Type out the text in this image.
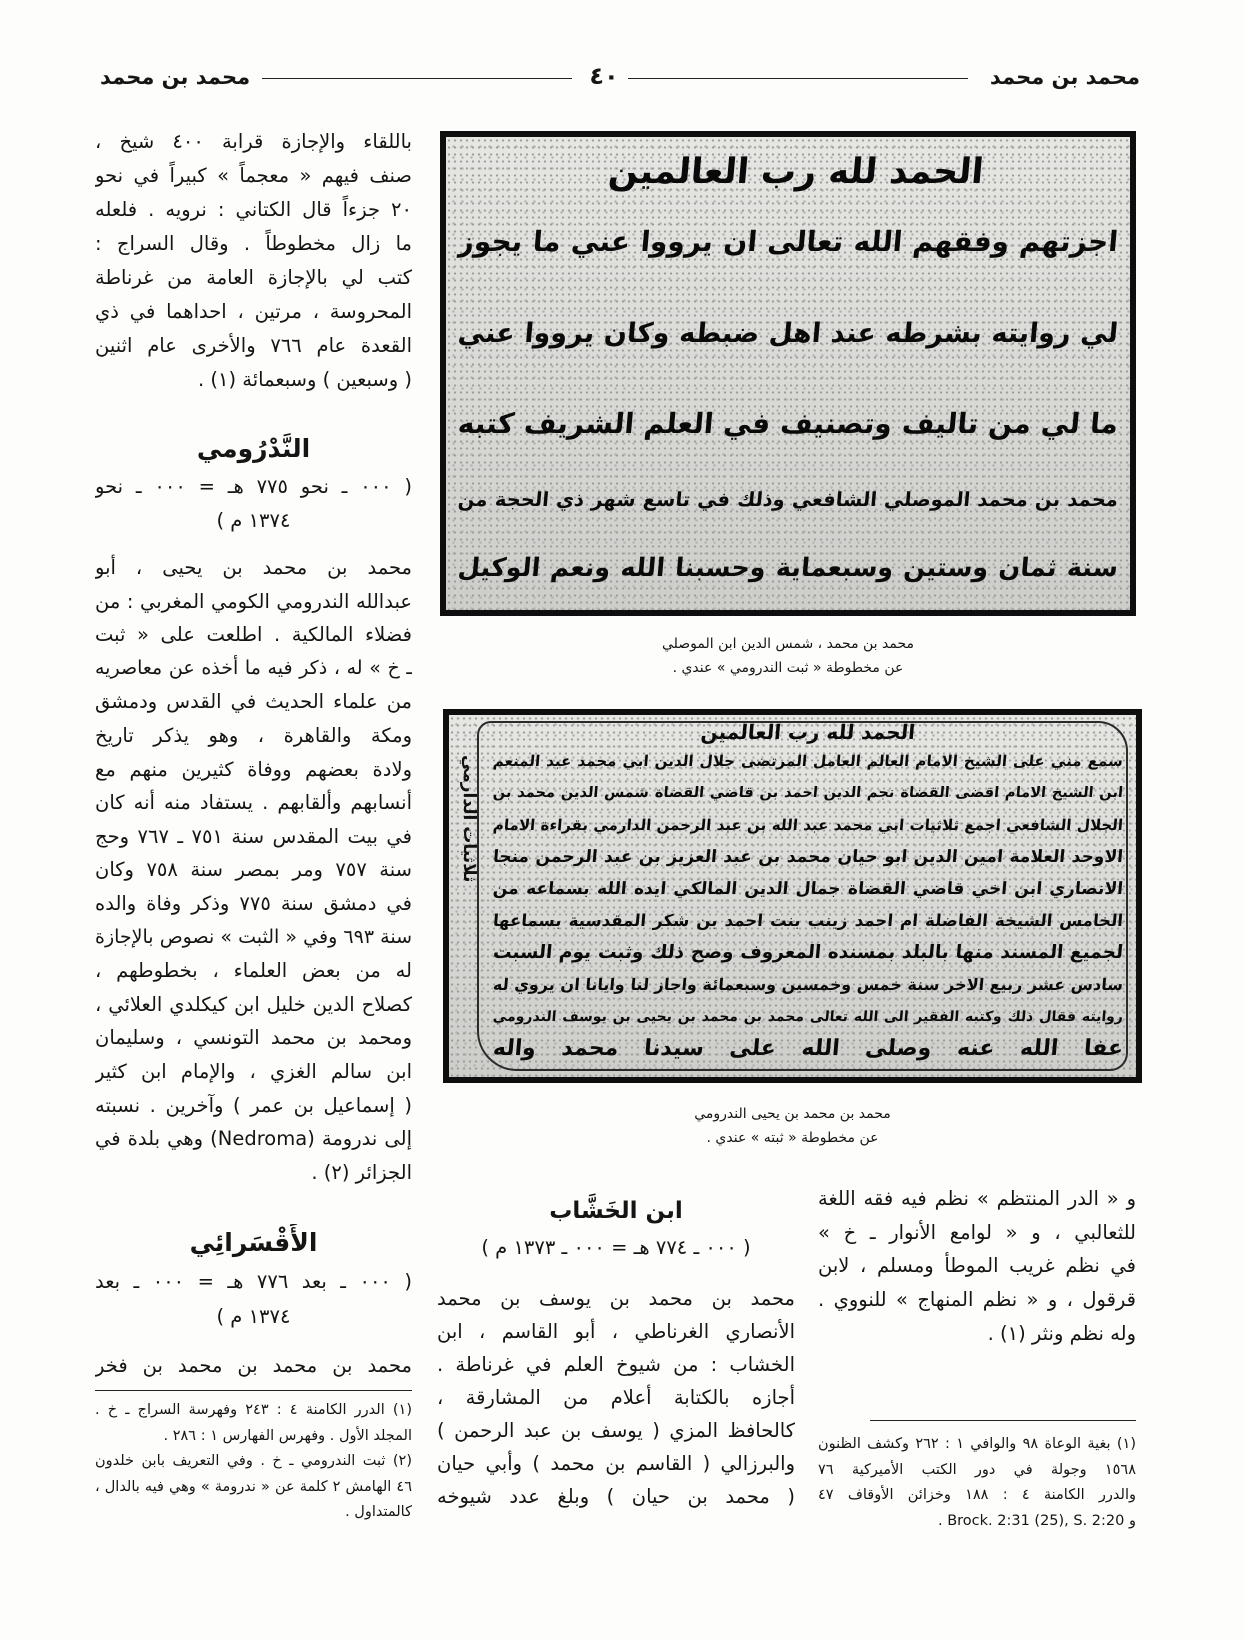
محمد بن محمد
٤٠
محمد بن محمد
الحمد لله رب العالمين
اجزتهم وفقهم الله تعالى ان يرووا عني ما يجوز
لي روايته بشرطه عند اهل ضبطه وكان يرووا عني
ما لي من تاليف وتصنيف في العلم الشريف كتبه
محمد بن محمد الموصلي الشافعي وذلك في تاسع شهر ذي الحجة من
سنة ثمان وستين وسبعماية وحسبنا الله ونعم الوكيل
محمد بن محمد ، شمس الدين ابن الموصلي
عن مخطوطة « ثبت الندرومي » عندي .
ثلاثيات الدارمي
الحمد لله رب العالمين
سمع مني على الشيخ الامام العالم العامل المرتضى جلال الدين ابي محمد عبد المنعم
ابن الشيخ الامام اقضى القضاة نجم الدين احمد بن قاضي القضاة شمس الدين محمد بن
الجلال الشافعي اجمع ثلاثيات ابي محمد عبد الله بن عبد الرحمن الدارمي بقراءة الامام
الاوحد العلامة امين الدين ابو حيان محمد بن عبد العزيز بن عبد الرحمن منجا
الانصاري ابن اخي قاضي القضاة جمال الدين المالكي ايده الله بسماعه من
الخامس الشيخة الفاضلة ام احمد زينب بنت احمد بن شكر المقدسية بسماعها
لجميع المسند منها بالبلد بمسنده المعروف وصح ذلك وثبت يوم السبت
سادس عشر ربيع الاخر سنة خمس وخمسين وسبعمائة واجاز لنا وايانا ان يروي له
روايته فقال ذلك وكتبه الفقير الى الله تعالى محمد بن محمد بن يحيى بن يوسف الندرومي
عفا الله عنه وصلى الله على سيدنا محمد واله
محمد بن محمد بن يحيى الندرومي
عن مخطوطة « ثبته » عندي .
باللقاء والإجازة قرابة ٤٠٠ شيخ ،
صنف فيهم « معجماً » كبيراً في نحو
٢٠ جزءاً قال الكتاني : نرويه . فلعله
ما زال مخطوطاً . وقال السراج :
كتب لي بالإجازة العامة من غرناطة
المحروسة ، مرتين ، احداهما في ذي
القعدة عام ٧٦٦ والأخرى عام اثنين
( وسبعين ) وسبعمائة (١) .
النَّدْرُومي
( ٠٠٠ ـ نحو ٧٧٥ هـ = ٠٠٠ ـ نحو
١٣٧٤ م )
محمد بن محمد بن يحيى ، أبو
عبدالله الندرومي الكومي المغربي : من
فضلاء المالكية . اطلعت على « ثبت
ـ خ » له ، ذكر فيه ما أخذه عن معاصريه
من علماء الحديث في القدس ودمشق
ومكة والقاهرة ، وهو يذكر تاريخ
ولادة بعضهم ووفاة كثيرين منهم مع
أنسابهم وألقابهم . يستفاد منه أنه كان
في بيت المقدس سنة ٧٥١ ـ ٧٦٧ وحج
سنة ٧٥٧ ومر بمصر سنة ٧٥٨ وكان
في دمشق سنة ٧٧٥ وذكر وفاة والده
سنة ٦٩٣ وفي « الثبت » نصوص بالإجازة
له من بعض العلماء ، بخطوطهم ،
كصلاح الدين خليل ابن كيكلدي العلائي ،
ومحمد بن محمد التونسي ، وسليمان
ابن سالم الغزي ، والإمام ابن كثير
( إسماعيل بن عمر ) وآخرين . نسبته
إلى ندرومة (Nedroma) وهي بلدة في
الجزائر (٢) .
الأَقْسَرائِي
( ٠٠٠ ـ بعد ٧٧٦ هـ = ٠٠٠ ـ بعد
١٣٧٤ م )
محمد بن محمد بن محمد بن فخر
(١) الدرر الكامنة ٤ : ٢٤٣ وفهرسة السراج ـ خ .
المجلد الأول . وفهرس الفهارس ١ : ٢٨٦ .
(٢) ثبت الندرومي ـ خ . وفي التعريف بابن خلدون
٤٦ الهامش ٢ كلمة عن « ندرومة » وهي فيه بالدال ،
كالمتداول .
ابن الخَشَّاب
( ٠٠٠ ـ ٧٧٤ هـ = ٠٠٠ ـ ١٣٧٣ م )
محمد بن محمد بن يوسف بن محمد
الأنصاري الغرناطي ، أبو القاسم ، ابن
الخشاب : من شيوخ العلم في غرناطة .
أجازه بالكتابة أعلام من المشارقة ،
كالحافظ المزي ( يوسف بن عبد الرحمن )
والبرزالي ( القاسم بن محمد ) وأبي حيان
( محمد بن حيان ) وبلغ عدد شيوخه
و « الدر المنتظم » نظم فيه فقه اللغة
للثعالبي ، و « لوامع الأنوار ـ خ »
في نظم غريب الموطأ ومسلم ، لابن
قرقول ، و « نظم المنهاج » للنووي .
وله نظم ونثر (١) .
(١) بغية الوعاة ٩٨ والوافي ١ : ٢٦٢ وكشف الظنون
١٥٦٨ وجولة في دور الكتب الأميركية ٧٦
والدرر الكامنة ٤ : ١٨٨ وخزائن الأوقاف ٤٧
و Brock. 2:31 (25), S. 2:20 .
